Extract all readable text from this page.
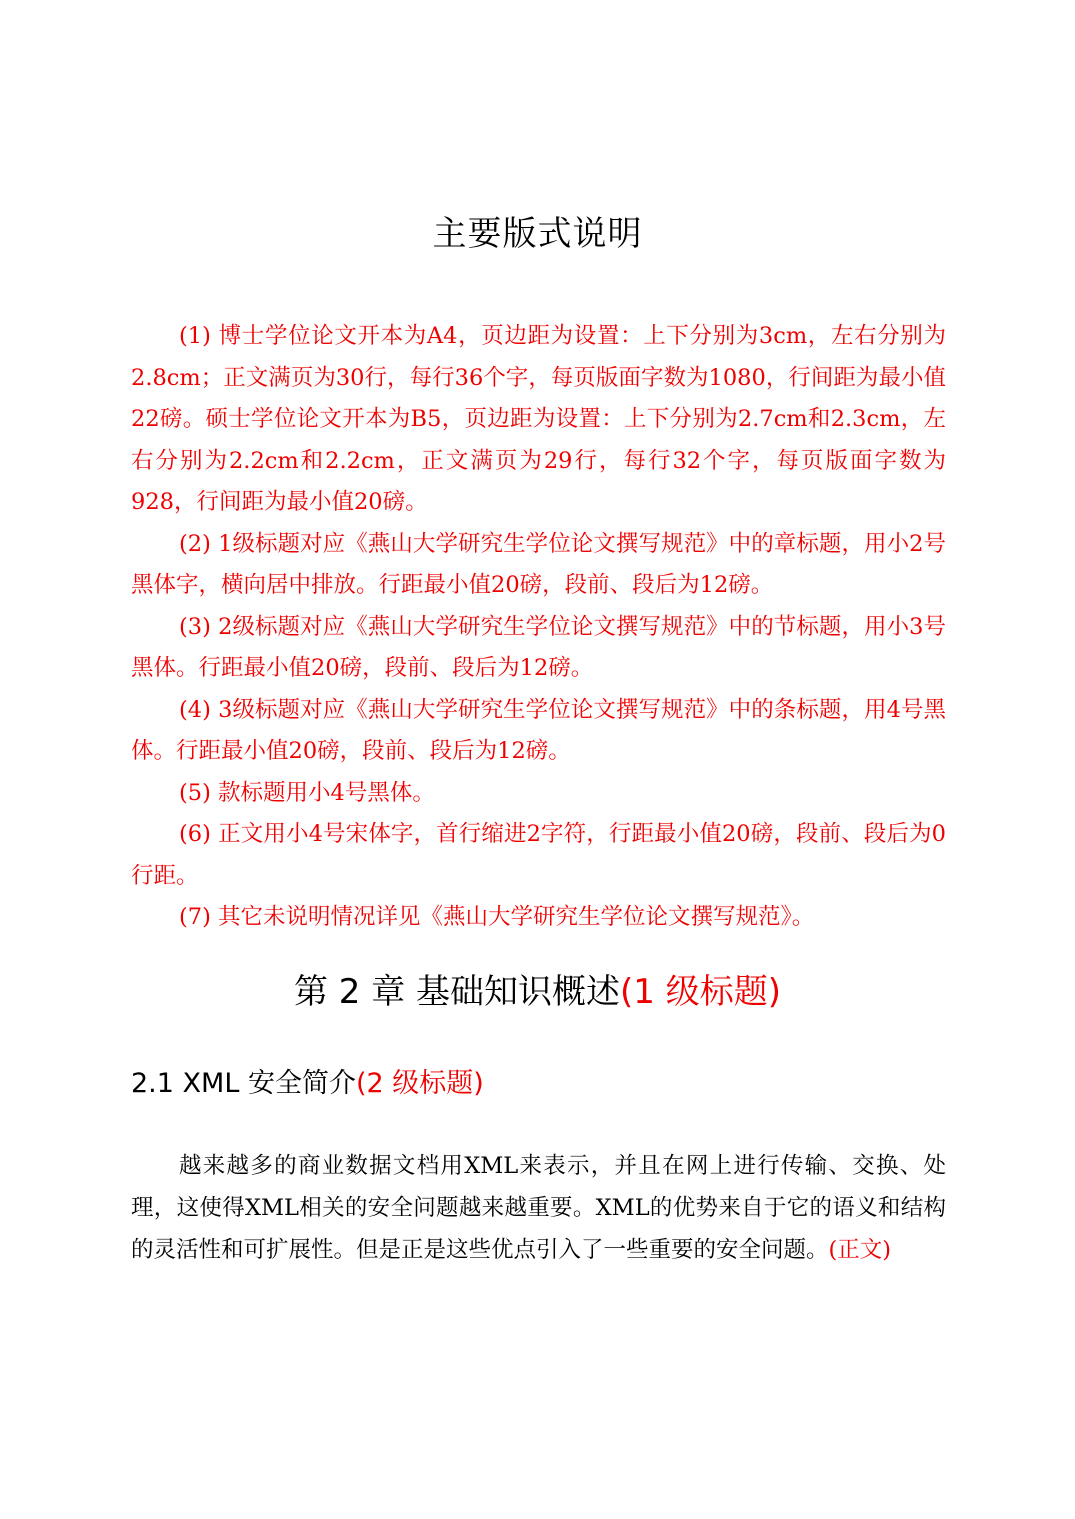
主要版式说明

(1) 博士学位论文开本为A4，页边距为设置：上下分别为3cm，左右分别为2.8cm；正文满页为30行，每行36个字，每页版面字数为1080，行间距为最小值22磅。硕士学位论文开本为B5，页边距为设置：上下分别为2.7cm和2.3cm，左右分别为2.2cm和2.2cm，正文满页为29行，每行32个字，每页版面字数为928，行间距为最小值20磅。

(2) 1级标题对应《燕山大学研究生学位论文撰写规范》中的章标题，用小2号黑体字，横向居中排放。行距最小值20磅，段前、段后为12磅。

(3) 2级标题对应《燕山大学研究生学位论文撰写规范》中的节标题，用小3号黑体。行距最小值20磅，段前、段后为12磅。

(4) 3级标题对应《燕山大学研究生学位论文撰写规范》中的条标题，用4号黑体。行距最小值20磅，段前、段后为12磅。

(5) 款标题用小4号黑体。

(6) 正文用小4号宋体字，首行缩进2字符，行距最小值20磅，段前、段后为0行距。

(7) 其它未说明情况详见《燕山大学研究生学位论文撰写规范》。

第 2 章 基础知识概述(1 级标题)
2.1 XML 安全简介(2 级标题)

越来越多的商业数据文档用XML来表示，并且在网上进行传输、交换、处理，这使得XML相关的安全问题越来越重要。XML的优势来自于它的语义和结构的灵活性和可扩展性。但是正是这些优点引入了一些重要的安全问题。(正文)
